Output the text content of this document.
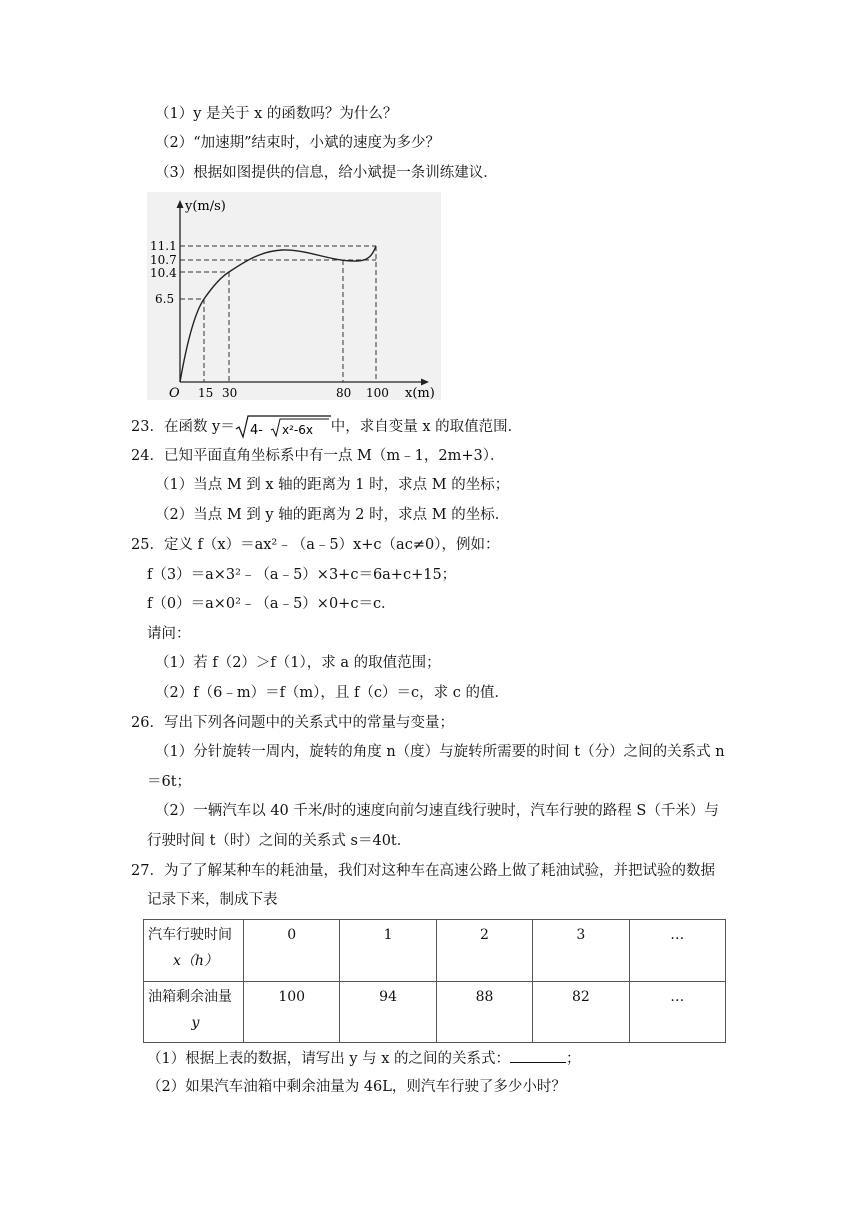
（1）y 是关于 x 的函数吗？为什么？
（2）“加速期”结束时，小斌的速度为多少？
（3）根据如图提供的信息，给小斌提一条训练建议．
y(m/s)
x(m)
O
11.1
10.7
10.4
6.5
15 30	80 100
23．在函数 y＝ 4- x²-6x 中，求自变量 x 的取值范围．
24．已知平面直角坐标系中有一点 M（m﹣1，2m+3）．
（1）当点 M 到 x 轴的距离为 1 时，求点 M 的坐标；
（2）当点 M 到 y 轴的距离为 2 时，求点 M 的坐标．
25．定义 f（x）＝ax²﹣（a﹣5）x+c（ac≠0），例如：
f（3）＝a×3²﹣（a﹣5）×3+c＝6a+c+15；
f（0）＝a×0²﹣（a﹣5）×0+c＝c．
请问：
（1）若 f（2）＞f（1），求 a 的取值范围；
（2）f（6﹣m）＝f（m），且 f（c）＝c，求 c 的值．
26．写出下列各问题中的关系式中的常量与变量；
（1）分针旋转一周内，旋转的角度 n（度）与旋转所需要的时间 t（分）之间的关系式 n
＝6t；
（2）一辆汽车以 40 千米/时的速度向前匀速直线行驶时，汽车行驶的路程 S（千米）与
行驶时间 t（时）之间的关系式 s＝40t．
27．为了了解某种车的耗油量，我们对这种车在高速公路上做了耗油试验，并把试验的数据
记录下来，制成下表
汽车行驶时间
x（h）	0	1	2	3	…

油箱剩余油量
y	100	94	88	82	…
（1）根据上表的数据，请写出 y 与 x 的之间的关系式：	；
（2）如果汽车油箱中剩余油量为 46L，则汽车行驶了多少小时？
